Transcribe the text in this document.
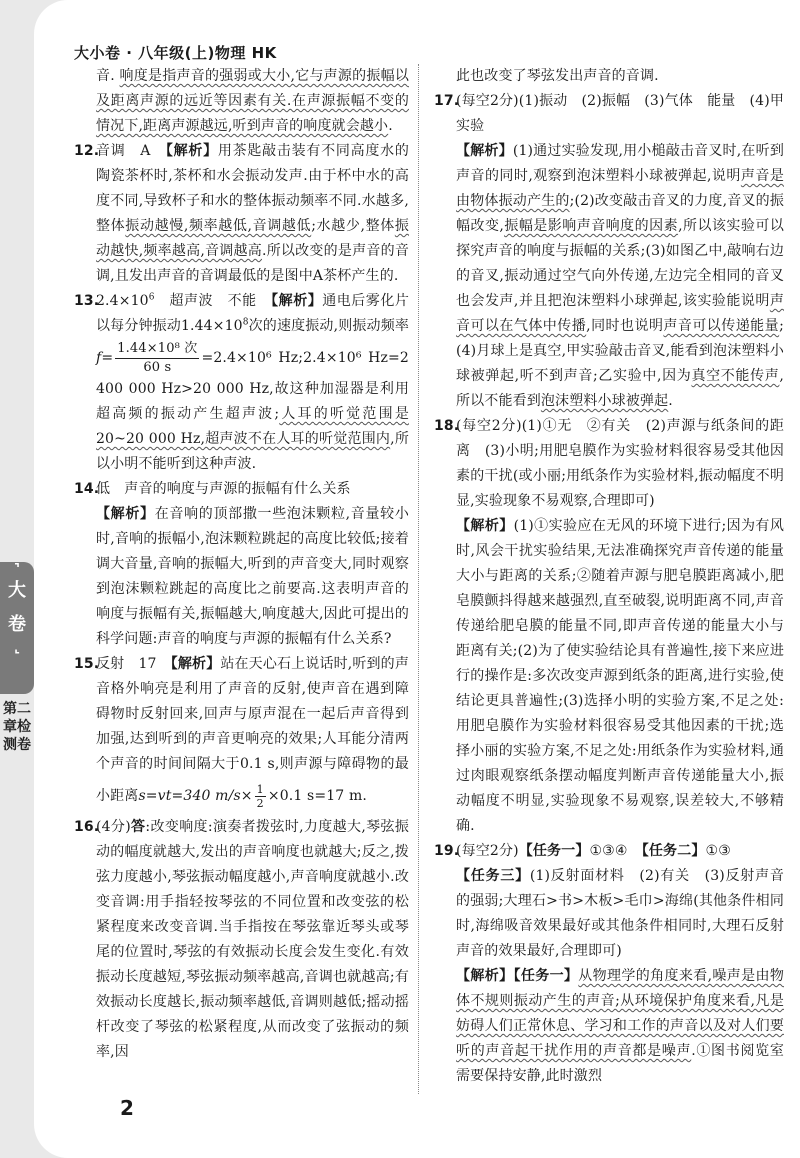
大小卷 · 八年级(上)物理 HK

音. 响度是指声音的强弱或大小,它与声源的振幅以及距离声源的远近等因素有关.在声源振幅不变的情况下,距离声源越远,听到声音的响度就会越小.

12.

音调　A　【解析】用茶匙敲击装有不同高度水的陶瓷茶杯时,茶杯和水会振动发声.由于杯中水的高度不同,导致杯子和水的整体振动频率不同.水越多,整体振动越慢,频率越低,音调越低;水越少,整体振动越快,频率越高,音调越高.所以改变的是声音的音调,且发出声音的音调最低的是图中A茶杯产生的.

13.

$2.4\times 10^6$　超声波　不能　【解析】通电后雾化片以每分钟振动$1.44\times 10^8$次的速度振动,则振动频率$f= \frac{\text{1.44×10⁸ 次}}{60 s} =2.4\times 10^6$ Hz;2.4×10⁶ Hz=2 400 000 Hz>20 000 Hz,故这种加湿器是利用超高频的振动产生超声波;人耳的听觉范围是20~20 000 Hz,超声波不在人耳的听觉范围内,所以小明不能听到这种声波.

14.

低　声音的响度与声源的振幅有什么关系

【解析】在音响的顶部撒一些泡沫颗粒,音量较小时,音响的振幅小,泡沫颗粒跳起的高度比较低;接着调大音量,音响的振幅大,听到的声音变大,同时观察到泡沫颗粒跳起的高度比之前要高.这表明声音的响度与振幅有关,振幅越大,响度越大,因此可提出的科学问题:声音的响度与声源的振幅有什么关系?

15.

反射　17　【解析】站在天心石上说话时,听到的声音格外响亮是利用了声音的反射,使声音在遇到障碍物时反射回来,回声与原声混在一起后声音得到加强,达到听到的声音更响亮的效果;人耳能分清两个声音的时间间隔大于0.1 s,则声源与障碍物的最小距离s=vt=340 $m/s\times \frac{1}{2} \times 0.1$ s=17 m.

16.

(4分)答:改变响度:演奏者拨弦时,力度越大,琴弦振动的幅度就越大,发出的声音响度也就越大;反之,拨弦力度越小,琴弦振动幅度越小,声音响度就越小.改变音调:用手指轻按琴弦的不同位置和改变弦的松紧程度来改变音调.当手指按在琴弦靠近琴头或琴尾的位置时,琴弦的有效振动长度会发生变化.有效振动长度越短,琴弦振动频率越高,音调也就越高;有效振动长度越长,振动频率越低,音调则越低;摇动摇杆改变了琴弦的松紧程度,从而改变了弦振动的频率,因

此也改变了琴弦发出声音的音调.

17.

(每空2分)(1)振动　(2)振幅　(3)气体　能量　(4)甲实验

【解析】(1)通过实验发现,用小槌敲击音叉时,在听到声音的同时,观察到泡沫塑料小球被弹起,说明声音是由物体振动产生的;(2)改变敲击音叉的力度,音叉的振幅改变,振幅是影响声音响度的因素,所以该实验可以探究声音的响度与振幅的关系;(3)如图乙中,敲响右边的音叉,振动通过空气向外传递,左边完全相同的音叉也会发声,并且把泡沫塑料小球弹起,该实验能说明声音可以在气体中传播,同时也说明声音可以传递能量;(4)月球上是真空,甲实验敲击音叉,能看到泡沫塑料小球被弹起,听不到声音;乙实验中,因为真空不能传声,所以不能看到泡沫塑料小球被弹起.

18.

(每空2分)(1)①无　②有关　(2)声源与纸条间的距离　(3)小明;用肥皂膜作为实验材料很容易受其他因素的干扰(或小丽;用纸条作为实验材料,振动幅度不明显,实验现象不易观察,合理即可)

【解析】(1)①实验应在无风的环境下进行;因为有风时,风会干扰实验结果,无法准确探究声音传递的能量大小与距离的关系;②随着声源与肥皂膜距离减小,肥皂膜颤抖得越来越强烈,直至破裂,说明距离不同,声音传递给肥皂膜的能量不同,即声音传递的能量大小与距离有关;(2)为了使实验结论具有普遍性,接下来应进行的操作是:多次改变声源到纸条的距离,进行实验,使结论更具普遍性;(3)选择小明的实验方案,不足之处:用肥皂膜作为实验材料很容易受其他因素的干扰;选择小丽的实验方案,不足之处:用纸条作为实验材料,通过肉眼观察纸条摆动幅度判断声音传递能量大小,振动幅度不明显,实验现象不易观察,误差较大,不够精确.

19.

(每空2分)【任务一】①③④　【任务二】①③

【任务三】(1)反射面材料　(2)有关　(3)反射声音的强弱;大理石>书>木板>毛巾>海绵(其他条件相同时,海绵吸音效果最好或其他条件相同时,大理石反射声音的效果最好,合理即可)

【解析】【任务一】从物理学的角度来看,噪声是由物体不规则振动产生的声音;从环境保护角度来看,凡是妨碍人们正常休息、学习和工作的声音以及对人们要听的声音起干扰作用的声音都是噪声.①图书阅览室需要保持安静,此时激烈

2
⌝
大
卷
⌞
第二章检测卷
